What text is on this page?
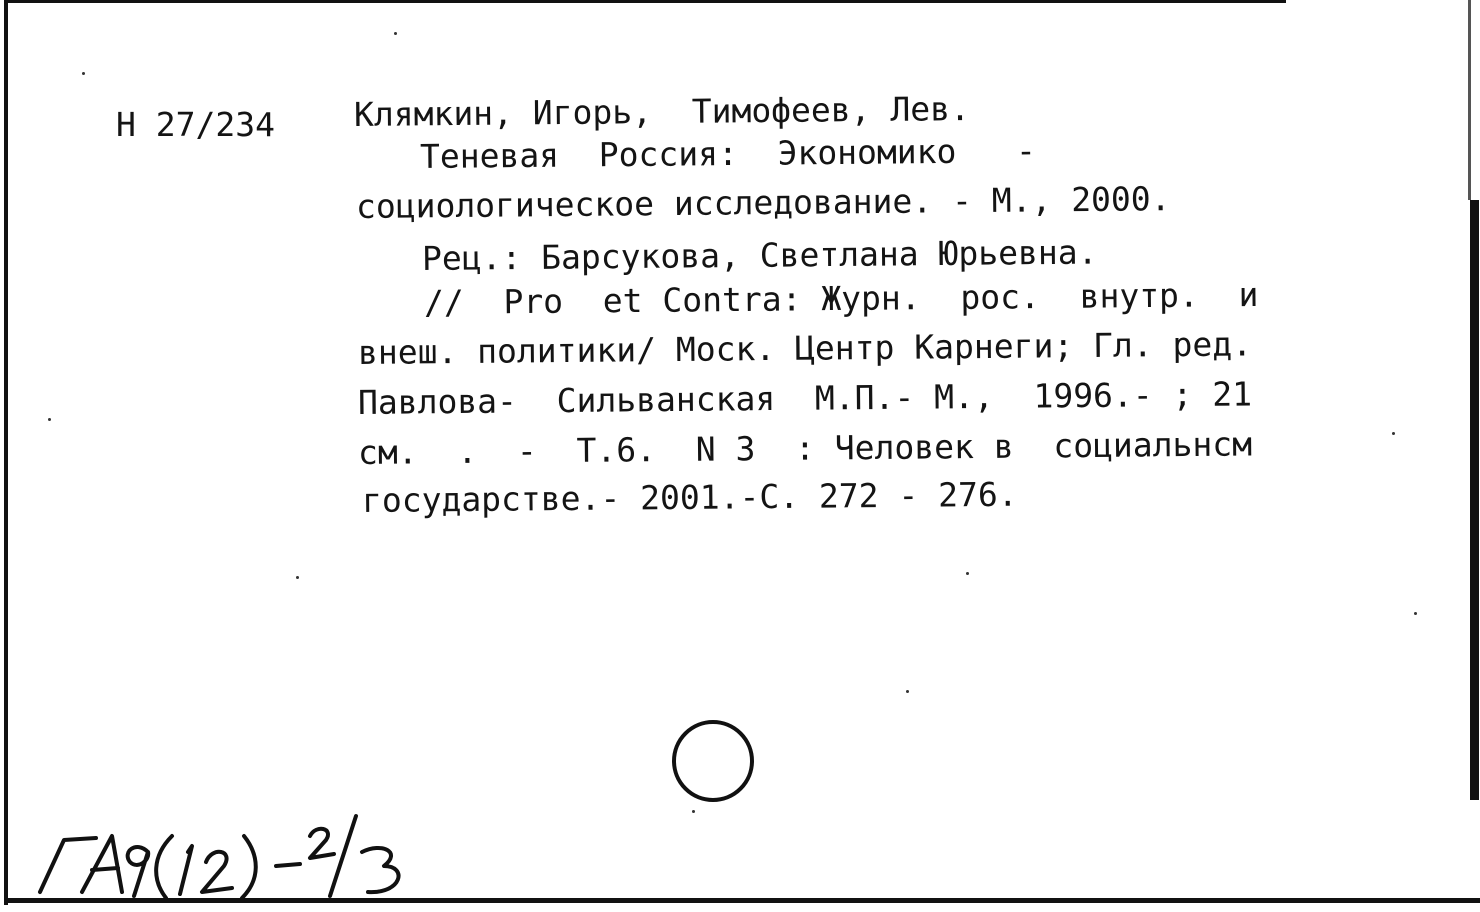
Н 27/234 Клямкин, Игорь,  Тимофеев, Лев.
Теневая  Россия:  Экономико   -
социологическое исследование. - М., 2000.
Рец.: Барсукова, Светлана Юрьевна.
//  Pro  et Contra: Журн.  рос.  внутр.  и
внеш. политики/ Моск. Центр Карнеги; Гл. ред.
Павлова-  Сильванская  М.П.- М.,  1996.- ; 21
см.  .  -  Т.6.  N 3  : Человек в  социальнсм
государстве.- 2001.-С. 272 - 276.
